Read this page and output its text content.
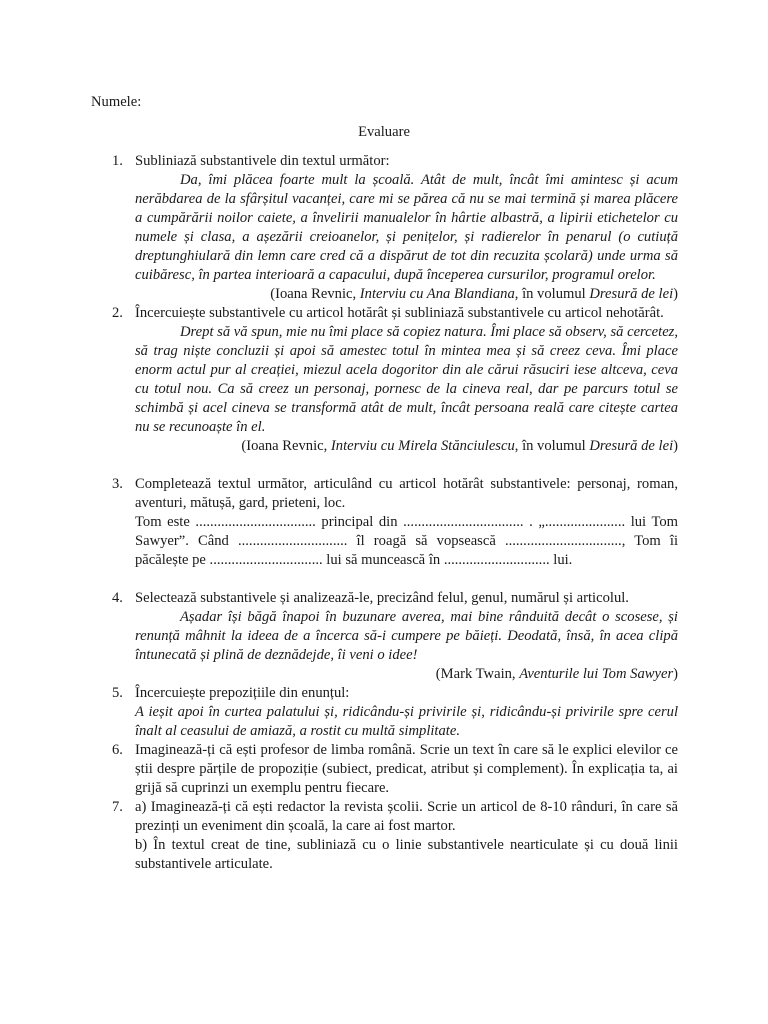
Numele:
Evaluare
1. Subliniază substantivele din textul următor:
Da, îmi plăcea foarte mult la școală. Atât de mult, încât îmi amintesc și acum nerăbdarea de la sfârșitul vacanței, care mi se părea că nu se mai termină și marea plăcere a cumpărării noilor caiete, a învelirii manualelor în hârtie albastră, a lipirii etichetelor cu numele și clasa, a așezării creioanelor, și penițelor, și radierelor în penarul (o cutiuță dreptunghiulară din lemn care cred că a dispărut de tot din recuzita școlară) unde urma să cuibăresc, în partea interioară a capacului, după începerea cursurilor, programul orelor.
(Ioana Revnic, Interviu cu Ana Blandiana, în volumul Dresură de lei)
2. Încercuiește substantivele cu articol hotărât și subliniază substantivele cu articol nehotărât.
Drept să vă spun, mie nu îmi place să copiez natura. Îmi place să observ, să cercetez, să trag niște concluzii și apoi să amestec totul în mintea mea și să creez ceva. Îmi place enorm actul pur al creației, miezul acela dogoritor din ale cărui răsuciri iese altceva, ceva cu totul nou. Ca să creez un personaj, pornesc de la cineva real, dar pe parcurs totul se schimbă și acel cineva se transformă atât de mult, încât persoana reală care citește cartea nu se recunoaște în el.
(Ioana Revnic, Interviu cu Mirela Stănciulescu, în volumul Dresură de lei)
3. Completează textul următor, articulând cu articol hotărât substantivele: personaj, roman, aventuri, mătușă, gard, prieteni, loc.
Tom este ................................. principal din ................................. . „...................... lui Tom Sawyer”. Când .............................. îl roagă să vopsească ................................, Tom îi păcălește pe ............................... lui să muncească în ............................. lui.
4. Selectează substantivele și analizează-le, precizând felul, genul, numărul și articolul.
Așadar își băgă înapoi în buzunare averea, mai bine rânduită decât o scosese, și renunță mâhnit la ideea de a încerca să-i cumpere pe băieți. Deodată, însă, în acea clipă întunecată și plină de deznădejde, îi veni o idee!
(Mark Twain, Aventurile lui Tom Sawyer)
5. Încercuiește prepozițiile din enunțul:
A ieșit apoi în curtea palatului și, ridicându-și privirile și, ridicându-și privirile spre cerul înalt al ceasului de amiază, a rostit cu multă simplitate.
6. Imaginează-ți că ești profesor de limba română. Scrie un text în care să le explici elevilor ce știi despre părțile de propoziție (subiect, predicat, atribut și complement). În explicația ta, ai grijă să cuprinzi un exemplu pentru fiecare.
7. a) Imaginează-ți că ești redactor la revista școlii. Scrie un articol de 8-10 rânduri, în care să prezinți un eveniment din școală, la care ai fost martor.
b) În textul creat de tine, subliniază cu o linie substantivele nearticulate și cu două linii substantivele articulate.
